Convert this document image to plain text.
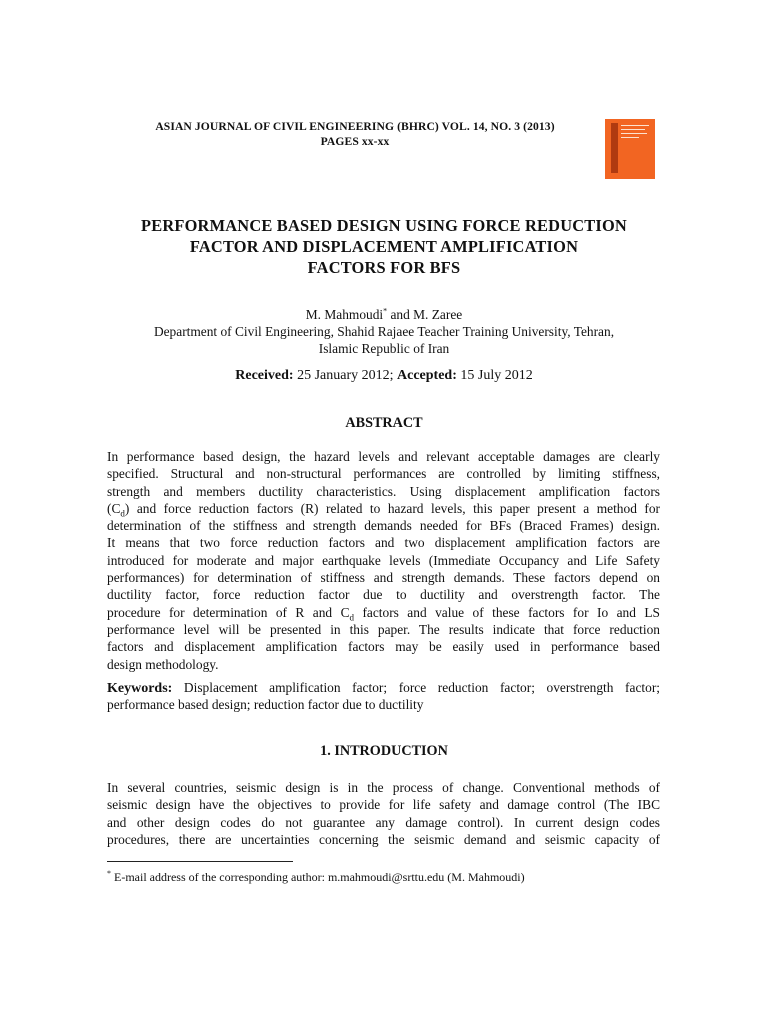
ASIAN JOURNAL OF CIVIL ENGINEERING (BHRC) VOL. 14, NO. 3 (2013)
PAGES xx-xx
PERFORMANCE BASED DESIGN USING FORCE REDUCTION
FACTOR AND DISPLACEMENT AMPLIFICATION
FACTORS FOR BFS
M. Mahmoudi* and M. Zaree
Department of Civil Engineering, Shahid Rajaee Teacher Training University, Tehran,
Islamic Republic of Iran
Received: 25 January 2012; Accepted: 15 July 2012
ABSTRACT
In performance based design, the hazard levels and relevant acceptable damages are clearly
specified. Structural and non-structural performances are controlled by limiting stiffness,
strength and members ductility characteristics. Using displacement amplification factors
$(C_d)$ and force reduction factors (R) related to hazard levels, this paper present a method for
determination of the stiffness and strength demands needed for BFs (Braced Frames) design.
It means that two force reduction factors and two displacement amplification factors are
introduced for moderate and major earthquake levels (Immediate Occupancy and Life Safety
performances) for determination of stiffness and strength demands. These factors depend on
ductility factor, force reduction factor due to ductility and overstrength factor. The
procedure for determination of R and $C_d$ factors and value of these factors for Io and LS
performance level will be presented in this paper. The results indicate that force reduction
factors and displacement amplification factors may be easily used in performance based
design methodology.
Keywords: Displacement amplification factor; force reduction factor; overstrength factor;
performance based design; reduction factor due to ductility
1. INTRODUCTION
In several countries, seismic design is in the process of change. Conventional methods of
seismic design have the objectives to provide for life safety and damage control (The IBC
and other design codes do not guarantee any damage control). In current design codes
procedures, there are uncertainties concerning the seismic demand and seismic capacity of
* E-mail address of the corresponding author: m.mahmoudi@srttu.edu (M. Mahmoudi)
